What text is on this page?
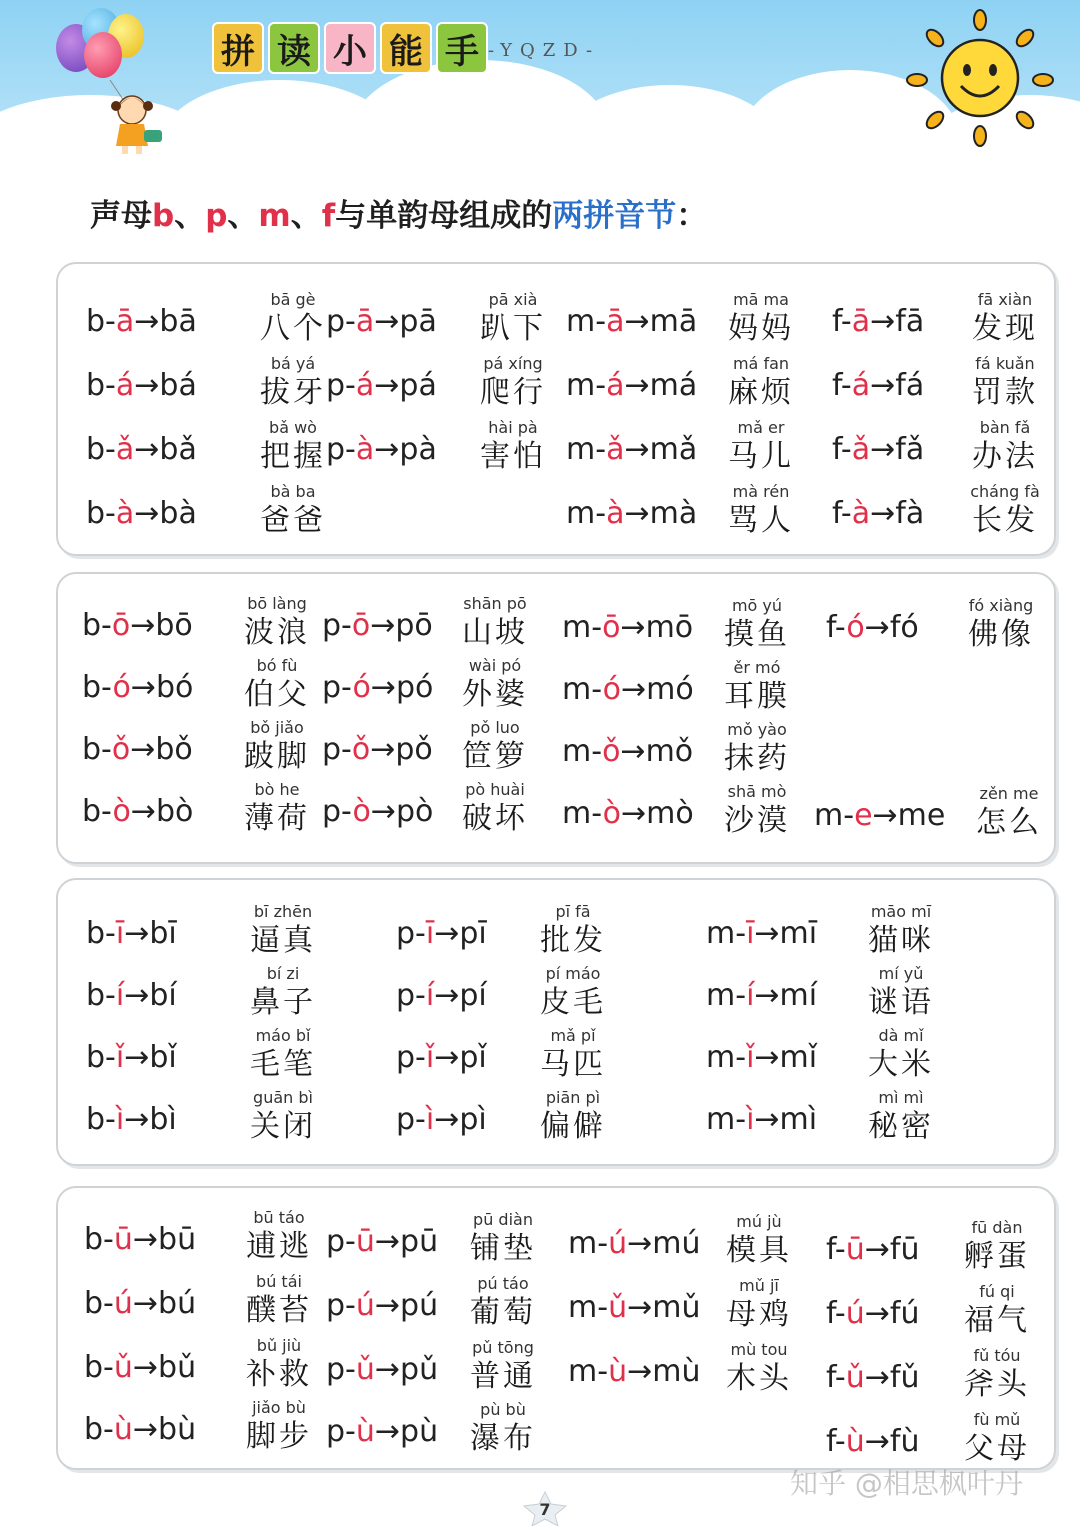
拼 读 小 能 手 -YQZD-
声母b、p、m、f与单韵母组成的两拼音节：
b-ā→bā
bā gè
八个
b-á→bá
bá yá
拔牙
b-ǎ→bǎ
bǎ wò
把握
b-à→bà
bà ba
爸爸
p-ā→pā
pā xià
趴下
p-á→pá
pá xíng
爬行
p-à→pà
hài pà
害怕
m-ā→mā
mā ma
妈妈
m-á→má
má fan
麻烦
m-ǎ→mǎ
mǎ er
马儿
m-à→mà
mà rén
骂人
f-ā→fā
fā xiàn
发现
f-á→fá
fá kuǎn
罚款
f-ǎ→fǎ
bàn fǎ
办法
f-à→fà
cháng fà
长发
b-ō→bō
bō làng
波浪
b-ó→bó
bó fù
伯父
b-ǒ→bǒ
bǒ jiǎo
跛脚
b-ò→bò
bò he
薄荷
p-ō→pō
shān pō
山坡
p-ó→pó
wài pó
外婆
p-ǒ→pǒ
pǒ luo
笸箩
p-ò→pò
pò huài
破坏
m-ō→mō
mō yú
摸鱼
m-ó→mó
ěr mó
耳膜
m-ǒ→mǒ
mǒ yào
抹药
m-ò→mò
shā mò
沙漠
f-ó→fó
fó xiàng
佛像
m-e→me
zěn me
怎么
b-ī→bī
bī zhēn
逼真
b-í→bí
bí zi
鼻子
b-ǐ→bǐ
máo bǐ
毛笔
b-ì→bì
guān bì
关闭
p-ī→pī
pī fā
批发
p-í→pí
pí máo
皮毛
p-ǐ→pǐ
mǎ pǐ
马匹
p-ì→pì
piān pì
偏僻
m-ī→mī
māo mī
猫咪
m-í→mí
mí yǔ
谜语
m-ǐ→mǐ
dà mǐ
大米
m-ì→mì
mì mì
秘密
b-ū→bū
bū táo
逋逃
b-ú→bú
bú tái
醭苔
b-ǔ→bǔ
bǔ jiù
补救
b-ù→bù
jiǎo bù
脚步
p-ū→pū
pū diàn
铺垫
p-ú→pú
pú táo
葡萄
p-ǔ→pǔ
pǔ tōng
普通
p-ù→pù
pù bù
瀑布
m-ú→mú
mú jù
模具
m-ǔ→mǔ
mǔ jī
母鸡
m-ù→mù
mù tou
木头
f-ū→fū
fū dàn
孵蛋
f-ú→fú
fú qi
福气
f-ǔ→fǔ
fǔ tóu
斧头
f-ù→fù
fù mǔ
父母
知乎 @相思枫叶丹
7
